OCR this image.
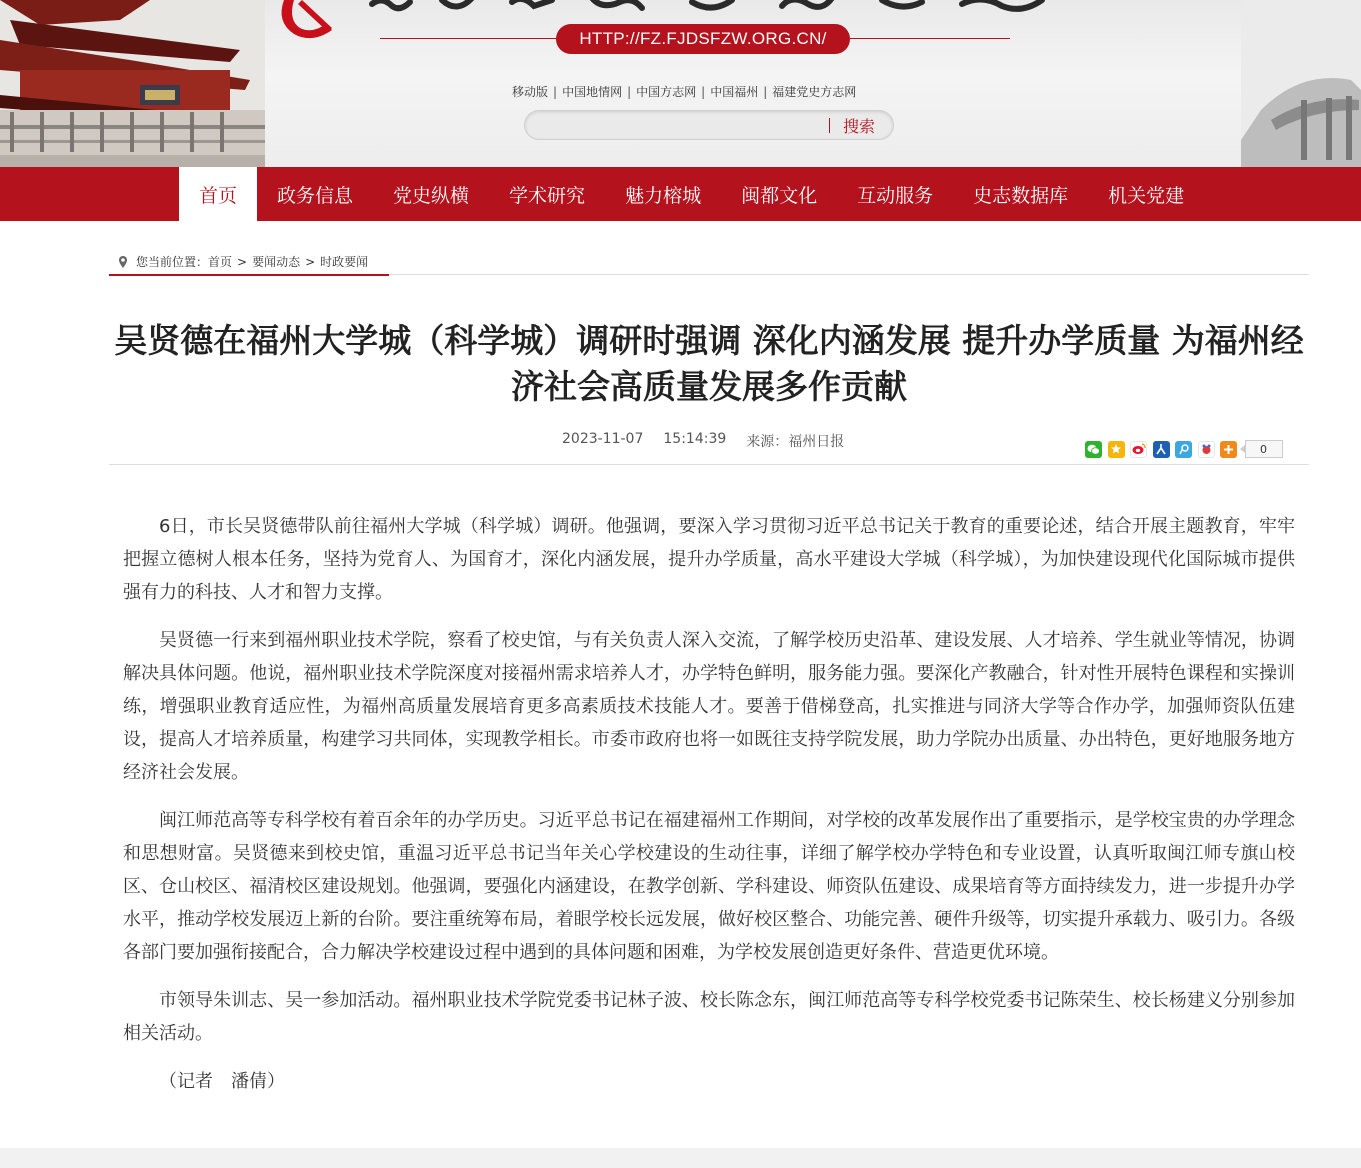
HTTP://FZ.FJDSFZW.ORG.CN/
移动版 | 中国地情网 | 中国方志网 | 中国福州 | 福建党史方志网
搜索
首页	政务信息	党史纵横	学术研究	魅力榕城	闽都文化	互动服务	史志数据库	机关党建
您当前位置： 首页 > 要闻动态 > 时政要闻
吴贤德在福州大学城（科学城）调研时强调 深化内涵发展 提升办学质量 为福州经济社会高质量发展多作贡献
2023-11-07 15:14:39 来源：福州日报	0

6日，市长吴贤德带队前往福州大学城（科学城）调研。他强调，要深入学习贯彻习近平总书记关于教育的重要论述，结合开展主题教育，牢牢把握立德树人根本任务，坚持为党育人、为国育才，深化内涵发展，提升办学质量，高水平建设大学城（科学城），为加快建设现代化国际城市提供强有力的科技、人才和智力支撑。

吴贤德一行来到福州职业技术学院，察看了校史馆，与有关负责人深入交流，了解学校历史沿革、建设发展、人才培养、学生就业等情况，协调解决具体问题。他说，福州职业技术学院深度对接福州需求培养人才，办学特色鲜明，服务能力强。要深化产教融合，针对性开展特色课程和实操训练，增强职业教育适应性，为福州高质量发展培育更多高素质技术技能人才。要善于借梯登高，扎实推进与同济大学等合作办学，加强师资队伍建设，提高人才培养质量，构建学习共同体，实现教学相长。市委市政府也将一如既往支持学院发展，助力学院办出质量、办出特色，更好地服务地方经济社会发展。

闽江师范高等专科学校有着百余年的办学历史。习近平总书记在福建福州工作期间，对学校的改革发展作出了重要指示，是学校宝贵的办学理念和思想财富。吴贤德来到校史馆，重温习近平总书记当年关心学校建设的生动往事，详细了解学校办学特色和专业设置，认真听取闽江师专旗山校区、仓山校区、福清校区建设规划。他强调，要强化内涵建设，在教学创新、学科建设、师资队伍建设、成果培育等方面持续发力，进一步提升办学水平，推动学校发展迈上新的台阶。要注重统筹布局，着眼学校长远发展，做好校区整合、功能完善、硬件升级等，切实提升承载力、吸引力。各级各部门要加强衔接配合，合力解决学校建设过程中遇到的具体问题和困难，为学校发展创造更好条件、营造更优环境。

市领导朱训志、吴一参加活动。福州职业技术学院党委书记林子波、校长陈念东，闽江师范高等专科学校党委书记陈荣生、校长杨建义分别参加相关活动。

（记者　潘倩）
